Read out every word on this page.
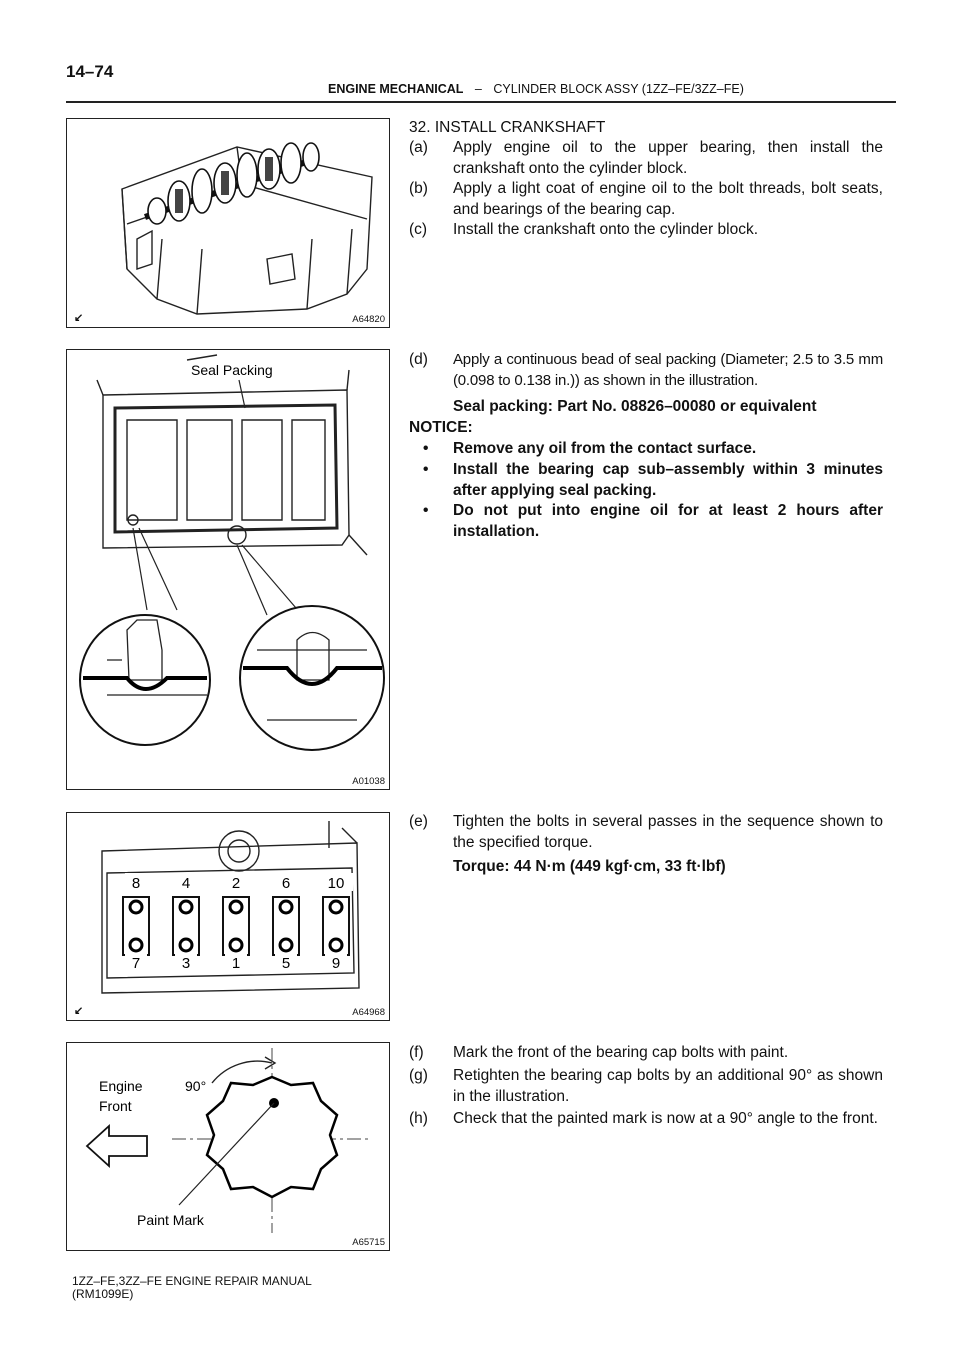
14–74
ENGINE MECHANICAL – CYLINDER BLOCK ASSY (1ZZ–FE/3ZZ–FE)
↙︎	A64820
Seal Packing
A01038
8	4	2	6 10
7	3	1	5	9
↙︎	A64968
Engine
Front
90°
Paint Mark
A65715
32. INSTALL CRANKSHAFT
(a) Apply engine oil to the upper bearing, then install the crankshaft onto the cylinder block.
(b) Apply a light coat of engine oil to the bolt threads, bolt seats, and bearings of the bearing cap.
(c) Install the crankshaft onto the cylinder block.
(d) Apply a continuous bead of seal packing (Diameter; 2.5 to 3.5 mm (0.098 to 0.138 in.)) as shown in the illustration.
Seal packing: Part No. 08826–00080 or equivalent
NOTICE:
• Remove any oil from the contact surface.
• Install the bearing cap sub–assembly within 3 minutes after applying seal packing.
• Do not put into engine oil for at least 2 hours after installation.
(e) Tighten the bolts in several passes in the sequence shown to the specified torque.
Torque: 44 N·m (449 kgf·cm, 33 ft·lbf)
(f) Mark the front of the bearing cap bolts with paint.
(g) Retighten the bearing cap bolts by an additional 90° as shown in the illustration.
(h) Check that the painted mark is now at a 90° angle to the front.
1ZZ–FE,3ZZ–FE ENGINE REPAIR MANUAL
(RM1099E)
